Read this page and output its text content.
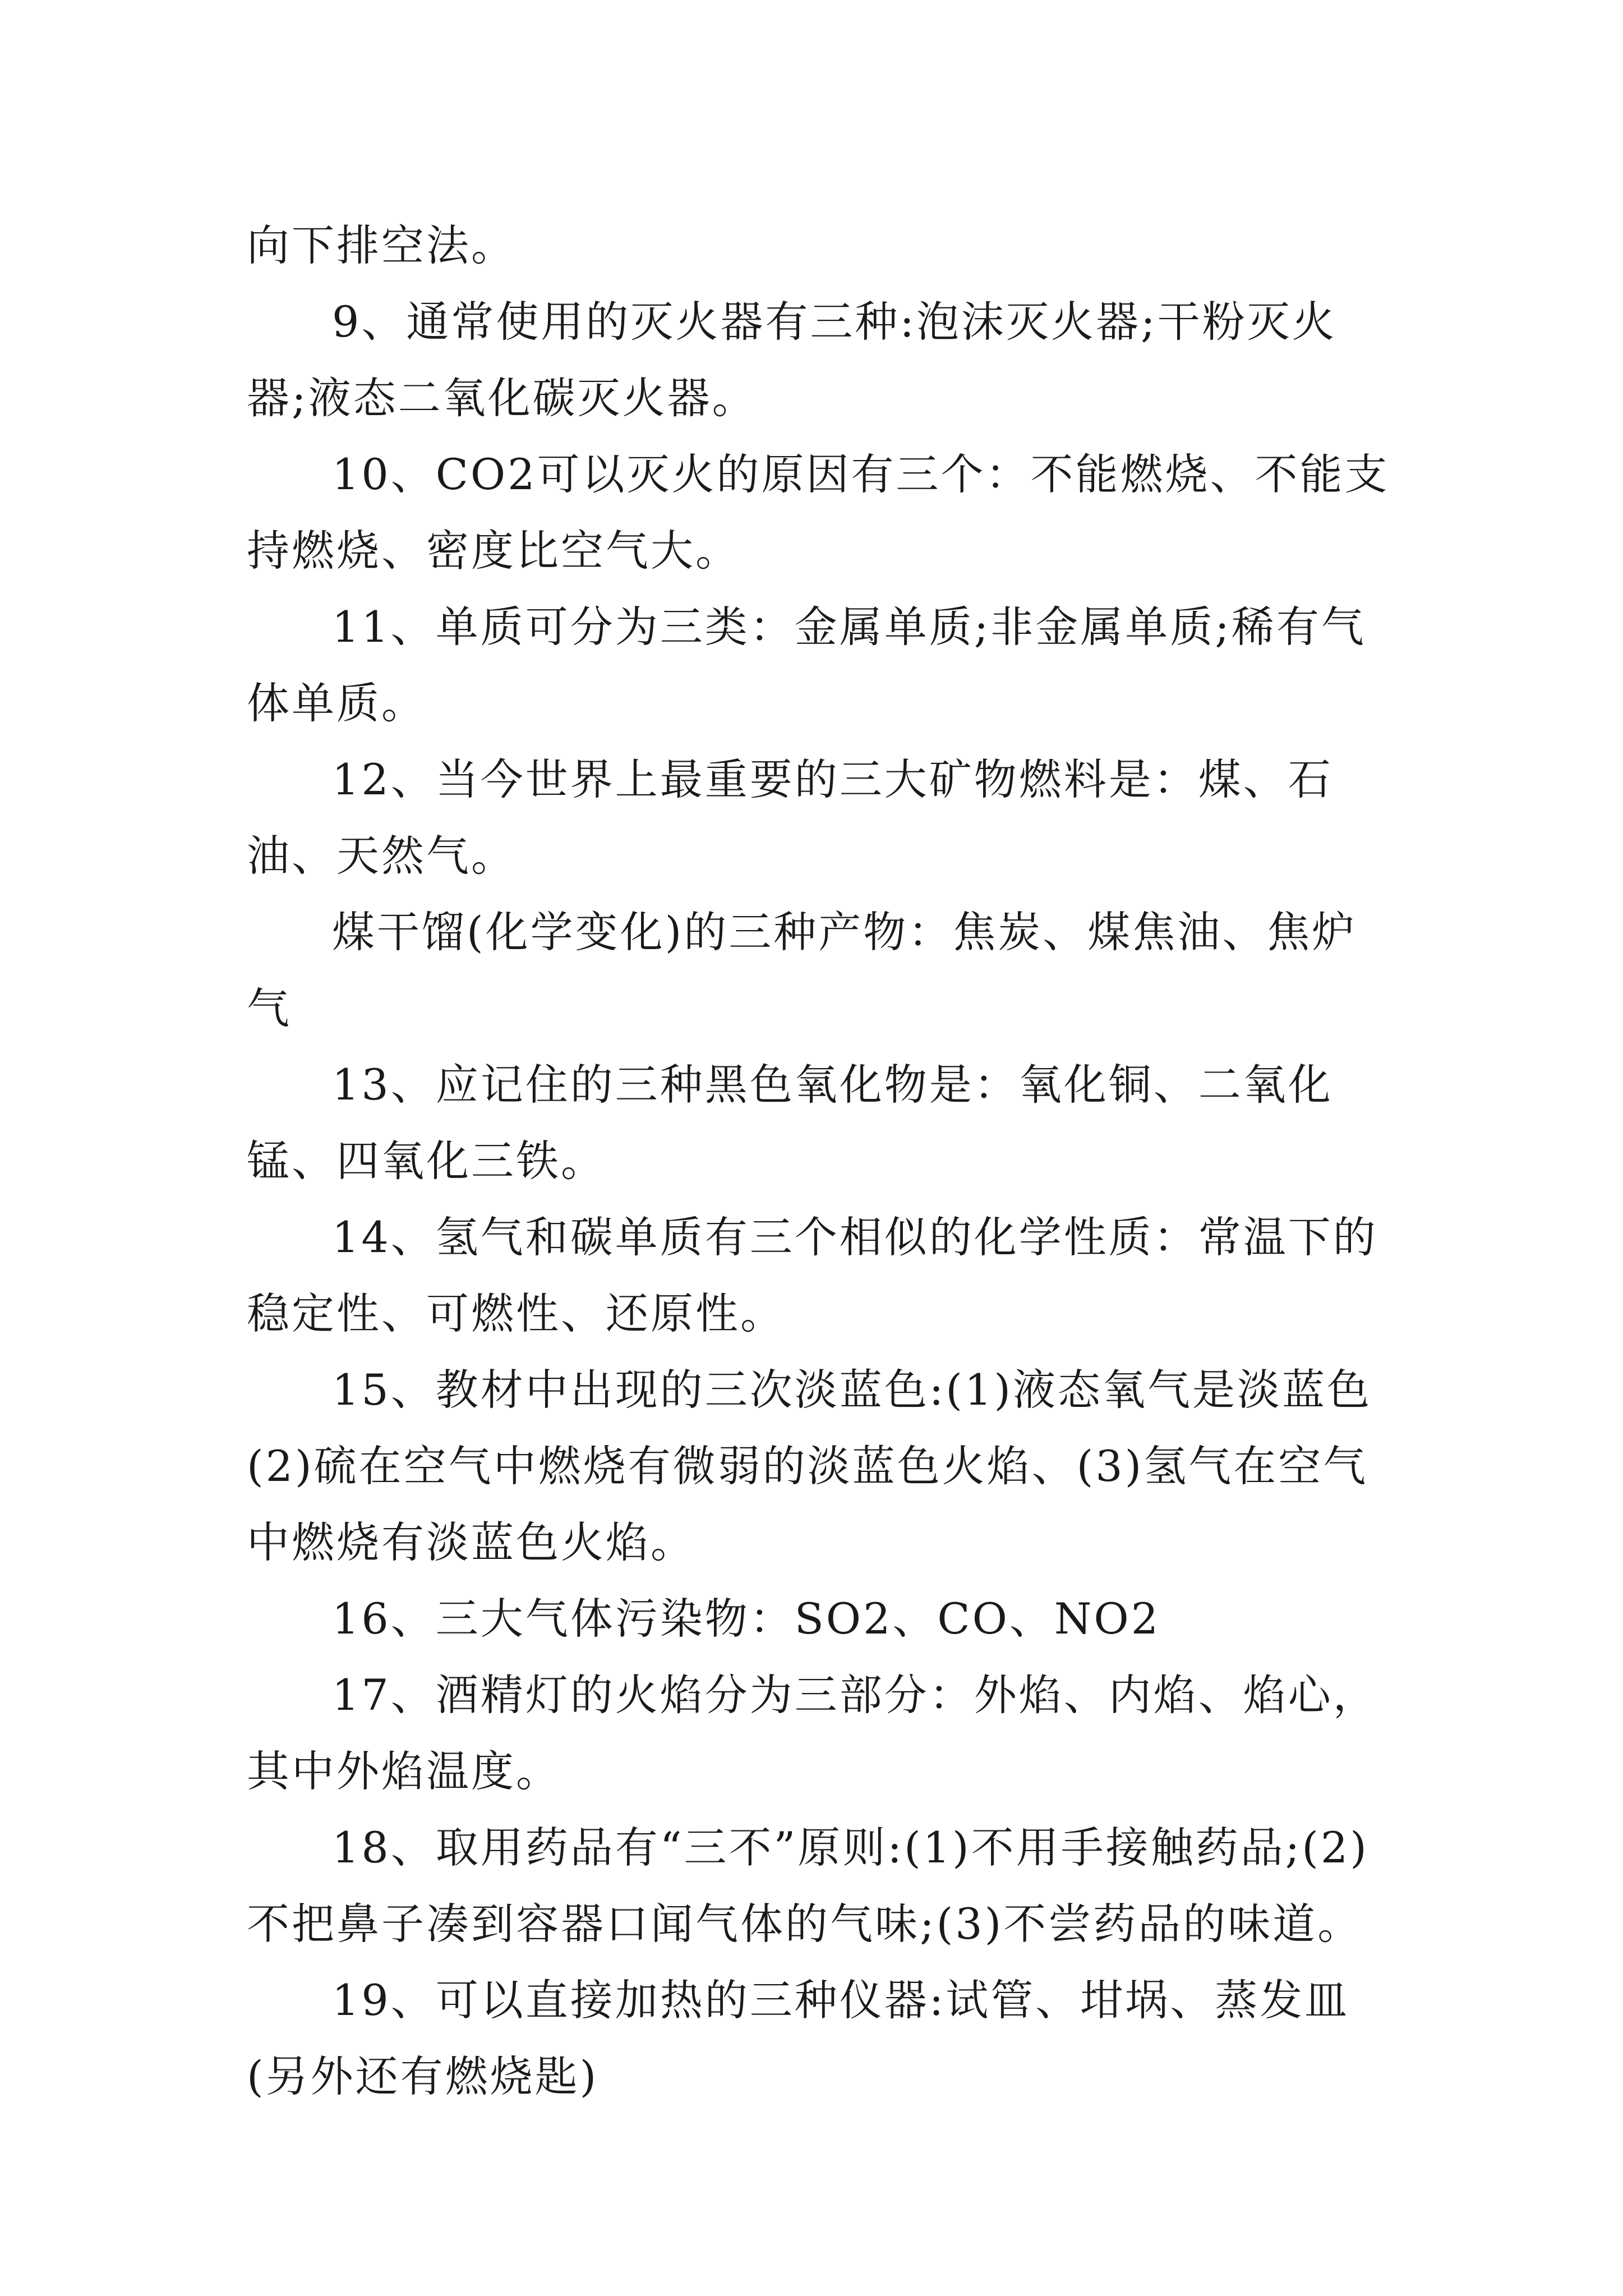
向下排空法。

9、通常使用的灭火器有三种:泡沫灭火器;干粉灭火器;液态二氧化碳灭火器。

10、CO2可以灭火的原因有三个：不能燃烧、不能支持燃烧、密度比空气大。

11、单质可分为三类：金属单质;非金属单质;稀有气体单质。

12、当今世界上最重要的三大矿物燃料是：煤、石油、天然气。

煤干馏(化学变化)的三种产物：焦炭、煤焦油、焦炉气

13、应记住的三种黑色氧化物是：氧化铜、二氧化锰、四氧化三铁。

14、氢气和碳单质有三个相似的化学性质：常温下的稳定性、可燃性、还原性。

15、教材中出现的三次淡蓝色:(1)液态氧气是淡蓝色(2)硫在空气中燃烧有微弱的淡蓝色火焰、(3)氢气在空气中燃烧有淡蓝色火焰。

16、三大气体污染物：SO2、CO、NO2

17、酒精灯的火焰分为三部分：外焰、内焰、焰心，其中外焰温度。

18、取用药品有“三不”原则:(1)不用手接触药品;(2)不把鼻子凑到容器口闻气体的气味;(3)不尝药品的味道。

19、可以直接加热的三种仪器:试管、坩埚、蒸发皿(另外还有燃烧匙)
